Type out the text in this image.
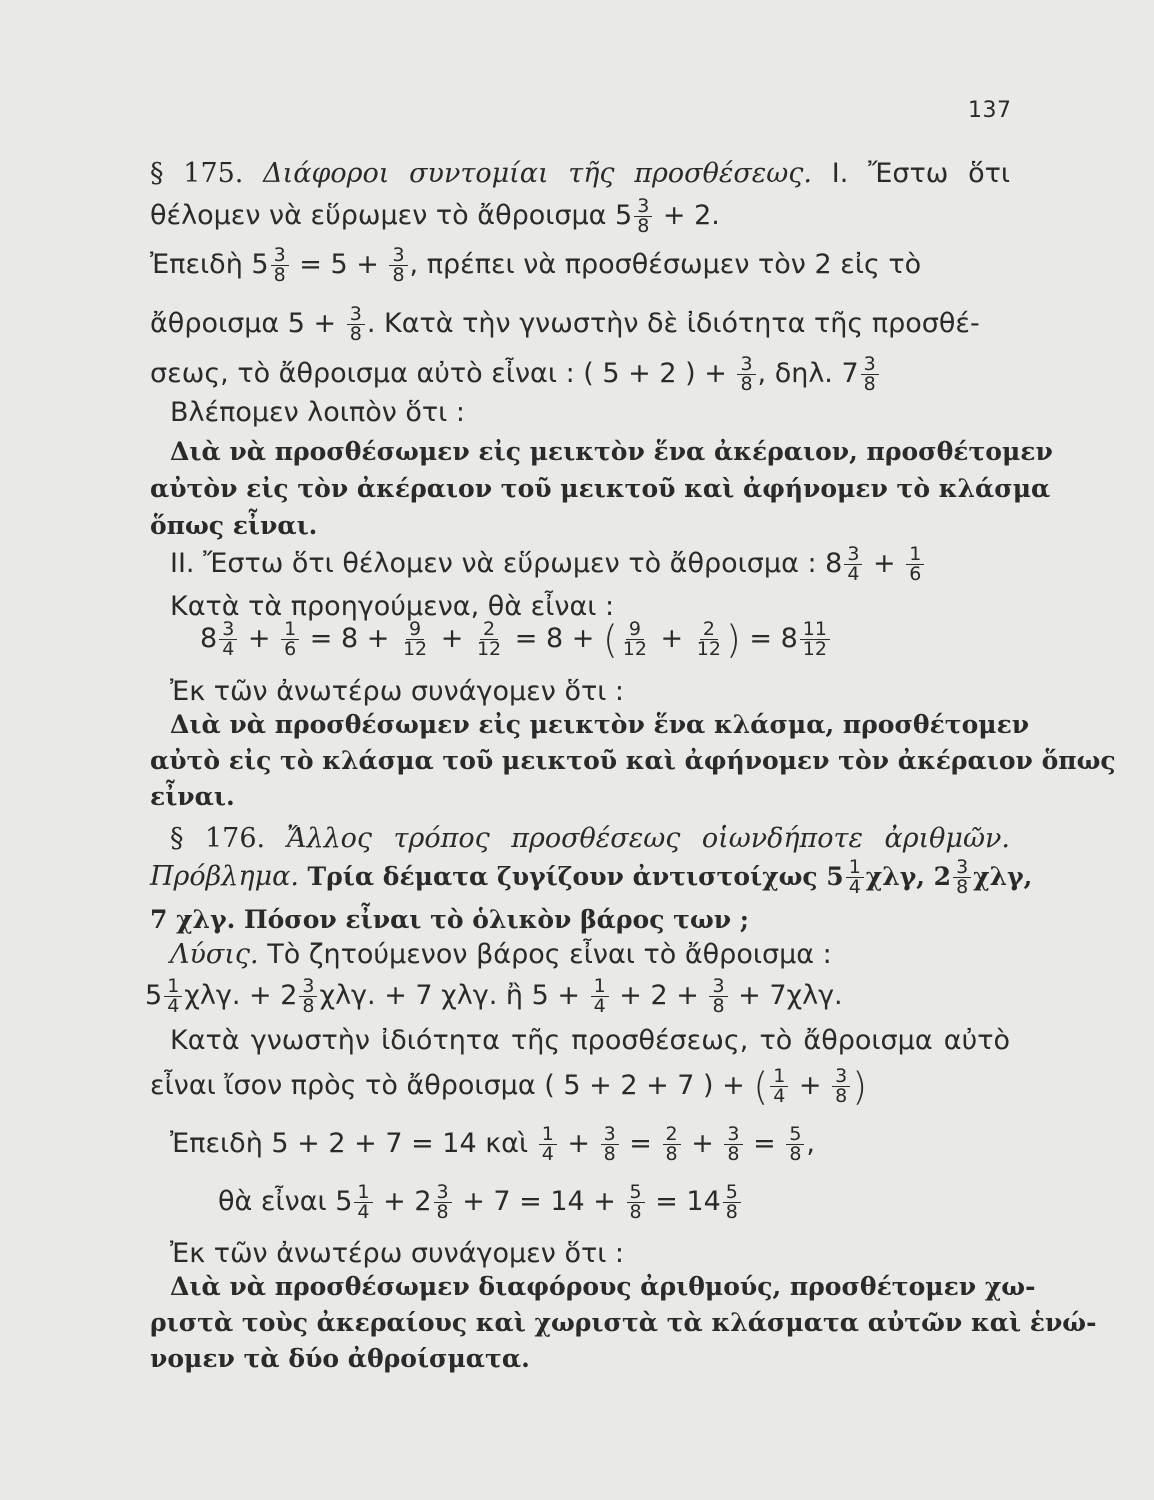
137
§ 175. Διάφοροι συντομίαι τῆς προσθέσεως. I. Ἔστω ὅτι
θέλομεν νὰ εὕρωμεν τὸ ἄθροισμα $5 \frac{3}{8} + 2$.
Ἐπειδὴ $5 \frac{3}{8} = 5 + \frac{3}{8}$ , πρέπει νὰ προσθέσωμεν τὸν 2 εἰς τὸ
ἄθροισμα $5 + \frac{3}{8}$ . Κατὰ τὴν γνωστὴν δὲ ἰδιότητα τῆς προσθέ-
σεως, τὸ ἄθροισμα αὐτὸ εἶναι : ( 5 + 2 ) + $\frac{3}{8}$ , δηλ. $7 \frac{3}{8}$
Βλέπομεν λοιπὸν ὅτι :
Διὰ νὰ προσθέσωμεν εἰς μεικτὸν ἕνα ἀκέραιον, προσθέτομεν
αὐτὸν εἰς τὸν ἀκέραιον τοῦ μεικτοῦ καὶ ἀφήνομεν τὸ κλάσμα
ὅπως εἶναι.
II. Ἔστω ὅτι θέλομεν νὰ εὕρωμεν τὸ ἄθροισμα : $8 \frac{3}{4} + \frac{1}{6}$
Κατὰ τὰ προηγούμενα, θὰ εἶναι :
$8 \frac{3}{4} + \frac{1}{6} = 8 + \frac{9}{12} + \frac{2}{12} = 8$ + ( $\frac{9}{12} + \frac{2}{12}$ ) = $8 \frac{11}{12}$
Ἐκ τῶν ἀνωτέρω συνάγομεν ὅτι :
Διὰ νὰ προσθέσωμεν εἰς μεικτὸν ἕνα κλάσμα, προσθέτομεν
αὐτὸ εἰς τὸ κλάσμα τοῦ μεικτοῦ καὶ ἀφήνομεν τὸν ἀκέραιον ὅπως
εἶναι.
§ 176. Ἄλλος τρόπος προσθέσεως οἱωνδήποτε ἀριθμῶν.
Πρόβλημα. Τρία δέματα ζυγίζουν ἀντιστοίχως $5 \frac{1}{4} \chi\lambda\gamma$, $2 \frac{3}{8} \chi\lambda\gamma$,
7 χλγ. Πόσον εἶναι τὸ ὁλικὸν βάρος των ;
Λύσις. Τὸ ζητούμενον βάρος εἶναι τὸ ἄθροισμα :
$5 \frac{1}{4} \chi\lambda\gamma$. + $2 \frac{3}{8} \chi\lambda\gamma$. + 7 χλγ. ἢ $5 + \frac{1}{4} + 2 + \frac{3}{8} + 7\chi\lambda\gamma$.
Κατὰ γνωστὴν ἰδιότητα τῆς προσθέσεως, τὸ ἄθροισμα αὐτὸ
εἶναι ἴσον πρὸς τὸ ἄθροισμα ( 5 + 2 + 7 ) + ( $\frac{1}{4} + \frac{3}{8}$ )
Ἐπειδὴ 5 + 2 + 7 = 14 καὶ $\frac{1}{4} + \frac{3}{8} = \frac{2}{8} + \frac{3}{8} = \frac{5}{8}$ ,
θὰ εἶναι $5 \frac{1}{4} + 2 \frac{3}{8} + 7 = 14 + \frac{5}{8} = 14 \frac{5}{8}$
Ἐκ τῶν ἀνωτέρω συνάγομεν ὅτι :
Διὰ νὰ προσθέσωμεν διαφόρους ἀριθμούς, προσθέτομεν χω-
ριστὰ τοὺς ἀκεραίους καὶ χωριστὰ τὰ κλάσματα αὐτῶν καὶ ἑνώ-
νομεν τὰ δύο ἀθροίσματα.
